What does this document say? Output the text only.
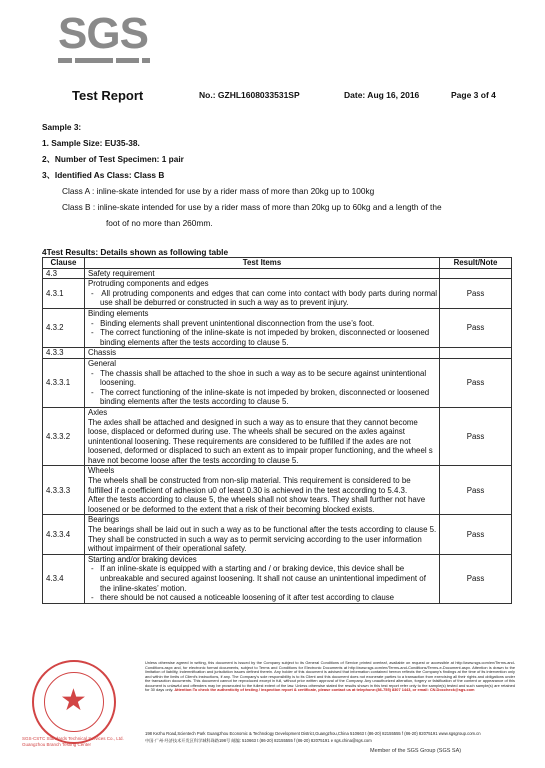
SGS
Test Report	No.: GZHL1608033531SP	Date: Aug 16, 2016	Page 3 of 4

Sample 3:

1. Sample Size: EU35-38.

2、Number of Test Specimen: 1 pair

3、Identified As Class: Class B

Class A : inline-skate intended for use by a rider mass of more than 20kg up to 100kg

Class B : inline-skate intended for use by a rider mass of more than 20kg up to 60kg and a length of the

foot of no more than 260mm.

4Test Results: Details shown as following table
Clause	Test Items	Result/Note
4.3	Safety requirement	
4.3.1	Protruding components and edges
-   All protruding components and edges that can come into contact with body parts during normal use shall be deburred or constructed in such a way as to prevent injury.	Pass
4.3.2	Binding elements
-   Binding elements shall prevent unintentional disconnection from the use’s foot.
-   The correct functioning of the inline-skate is not impeded by broken, disconnected or loosened binding elements after the tests according to clause 5.	Pass
4.3.3	Chassis	
4.3.3.1	General
-   The chassis shall be attached to the shoe in such a way as to be secure against unintentional loosening.
-   The correct functioning of the inline-skate is not impeded by broken, disconnected or loosened binding elements after the tests according to clause 5.	Pass
4.3.3.2	Axles
The axles shall be attached and designed in such a way as to ensure that they cannot become loose, displaced or deformed during use. The wheels shall be secured on the axles against unintentional loosening. These requirements are considered to be fulfilled if the axles are not loosened, deformed or displaced to such an extent as to impair proper functioning, and the wheel s have not become loose after the tests according to clause 5.	Pass
4.3.3.3	Wheels
The wheels shall be constructed from non-slip material. This requirement is considered to be fulfilled if a coefficient of adhesion u0 of least 0.30 is achieved in the test according to 5.4.3.
After the tests according to clause 5, the wheels shall not show tears. They shall further not have loosened or be deformed to the extent that a risk of their becoming blocked exists.	Pass
4.3.3.4	Bearings
The bearings shall be laid out in such a way as to be functional after the tests according to clause 5. They shall be constructed in such a way as to permit servicing according to the user information without impairment of their operational safety.	Pass
4.3.4	Starting and/or braking devices
-   If an inline-skate is equipped with a starting and / or braking device, this device shall be unbreakable and secured against loosening. It shall not cause an unintentional impediment of the inline-skates’ motion.
-   there should be not caused a noticeable loosening of it after test according to clause	Pass
★
SGS-CSTC Standards Technical Services Co., Ltd. Guangzhou Branch Testing Center
Unless otherwise agreed in writing, this document is issued by the Company subject to its General Conditions of Service printed overleaf, available on request or accessible at http://www.sgs.com/en/Terms-and-Conditions.aspx and, for electronic format documents, subject to Terms and Conditions for Electronic Documents at http://www.sgs.com/en/Terms-and-Conditions/Terms-e-Document.aspx. Attention is drawn to the limitation of liability, indemnification and jurisdiction issues defined therein. Any holder of this document is advised that information contained hereon reflects the Company's findings at the time of its intervention only and within the limits of Client's instructions, if any. The Company's sole responsibility is to its Client and this document does not exonerate parties to a transaction from exercising all their rights and obligations under the transaction documents. This document cannot be reproduced except in full, without prior written approval of the Company. Any unauthorized alteration, forgery or falsification of the content or appearance of this document is unlawful and offenders may be prosecuted to the fullest extent of the law. Unless otherwise stated the results shown in this test report refer only to the sample(s) tested and such sample(s) are retained for 30 days only. Attention:To check the authenticity of testing / inspection report & certificate, please contact us at telephone:(86-755) 8307 1443, or email: CN.Doccheck@sgs.com
198 Kezhu Road,Scientech Park Guangzhou Economic & Technology Development District,Guangzhou,China 510663 t (86-20) 82155555 f (86-20) 82075191 www.sgsgroup.com.cn
中国·广州·经济技术开发区科学城科珠路198号 邮编: 510663 t (86-20) 82155555 f (86-20) 82075191 e sgs.china@sgs.com
Member of the SGS Group (SGS SA)
